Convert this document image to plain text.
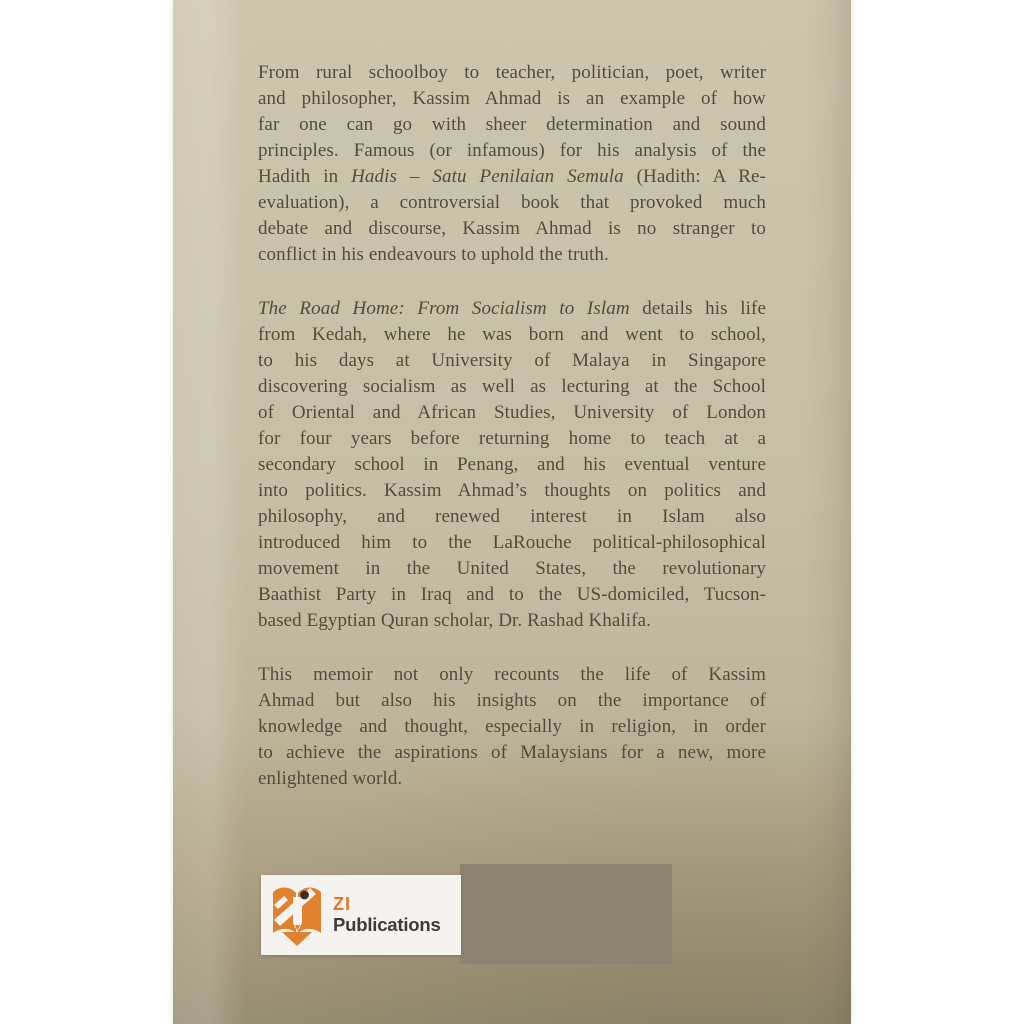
From rural schoolboy to teacher, politician, poet, writer
and philosopher, Kassim Ahmad is an example of how
far one can go with sheer determination and sound
principles. Famous (or infamous) for his analysis of the
Hadith in Hadis – Satu Penilaian Semula (Hadith: A Re-
evaluation), a controversial book that provoked much
debate and discourse, Kassim Ahmad is no stranger to
conflict in his endeavours to uphold the truth.
The Road Home: From Socialism to Islam details his life
from Kedah, where he was born and went to school,
to his days at University of Malaya in Singapore
discovering socialism as well as lecturing at the School
of Oriental and African Studies, University of London
for four years before returning home to teach at a
secondary school in Penang, and his eventual venture
into politics. Kassim Ahmad’s thoughts on politics and
philosophy, and renewed interest in Islam also
introduced him to the LaRouche political-philosophical
movement in the United States, the revolutionary
Baathist Party in Iraq and to the US-domiciled, Tucson-
based Egyptian Quran scholar, Dr. Rashad Khalifa.
This memoir not only recounts the life of Kassim
Ahmad but also his insights on the importance of
knowledge and thought, especially in religion, in order
to achieve the aspirations of Malaysians for a new, more
enlightened world.
ZI
Publications
